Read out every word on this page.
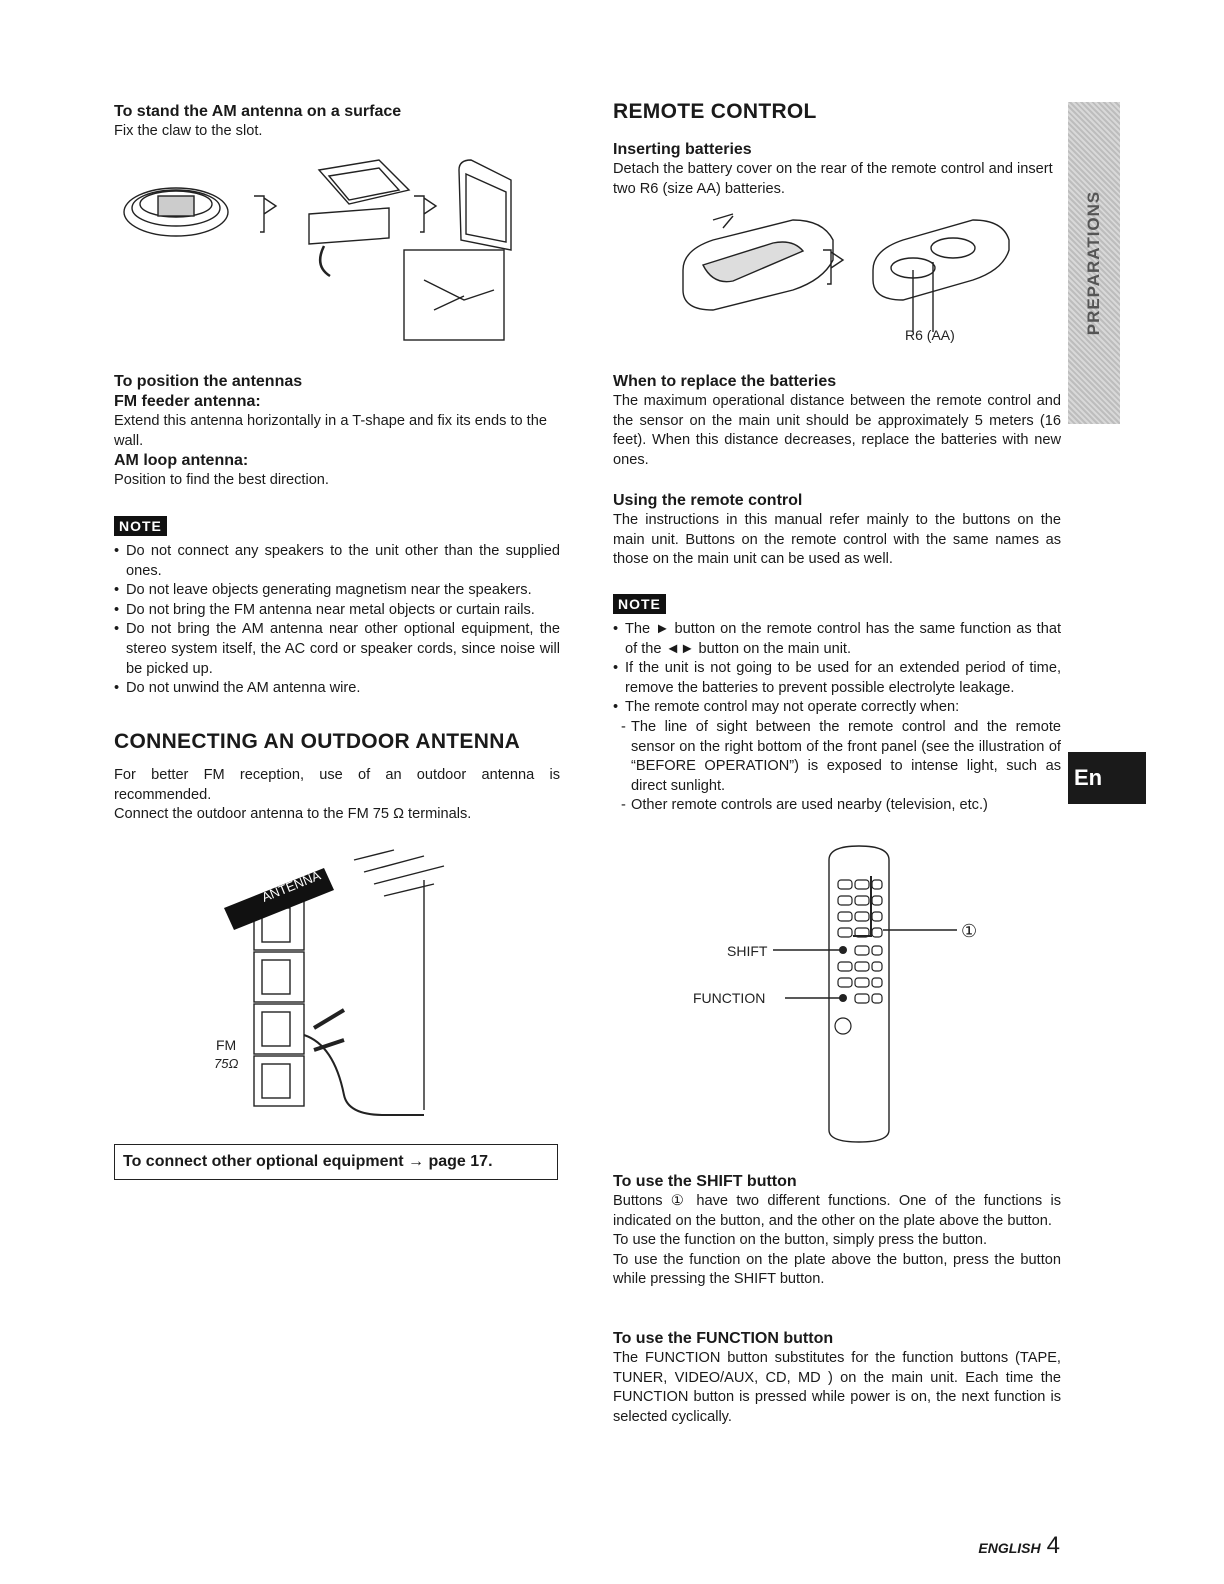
To stand the AM antenna on a surface

Fix the claw to the slot.

To position the antennas

FM feeder antenna:

Extend this antenna horizontally in a T-shape and fix its ends to the wall.

AM loop antenna:

Position to find the best direction.

NOTE
• Do not connect any speakers to the unit other than the supplied ones.
• Do not leave objects generating magnetism near the speakers.
• Do not bring the FM antenna near metal objects or curtain rails.
• Do not bring the AM antenna near other optional equipment, the stereo system itself, the AC cord or speaker cords, since noise will be picked up.
• Do not unwind the AM antenna wire.

CONNECTING AN OUTDOOR ANTENNA

For better FM reception, use of an outdoor antenna is recommended.

Connect the outdoor antenna to the FM 75 Ω terminals.

ANTENNA
FM
75Ω
To connect other optional equipment → page 17.

REMOTE CONTROL

Inserting batteries

Detach the battery cover on the rear of the remote control and insert two R6 (size AA) batteries.

R6 (AA)

When to replace the batteries

The maximum operational distance between the remote control and the sensor on the main unit should be approximately 5 meters (16 feet). When this distance decreases, replace the batteries with new ones.

Using the remote control

The instructions in this manual refer mainly to the buttons on the main unit. Buttons on the remote control with the same names as those on the main unit can be used as well.

NOTE
• The ► button on the remote control has the same function as that of the ◄► button on the main unit.
• If the unit is not going to be used for an extended period of time, remove the batteries to prevent possible electrolyte leakage.
• The remote control may not operate correctly when:
- The line of sight between the remote control and the remote sensor on the right bottom of the front panel (see the illustration of “BEFORE OPERATION”) is exposed to intense light, such as direct sunlight.
- Other remote controls are used nearby (television, etc.)
①
SHIFT
FUNCTION

To use the SHIFT button

Buttons ① have two different functions. One of the functions is indicated on the button, and the other on the plate above the button.

To use the function on the button, simply press the button.

To use the function on the plate above the button, press the button while pressing the SHIFT button.

To use the FUNCTION button

The FUNCTION button substitutes for the function buttons (TAPE, TUNER, VIDEO/AUX, CD, MD ) on the main unit. Each time the FUNCTION button is pressed while power is on, the next function is selected cyclically.

PREPARATIONS
En
ENGLISH 4
